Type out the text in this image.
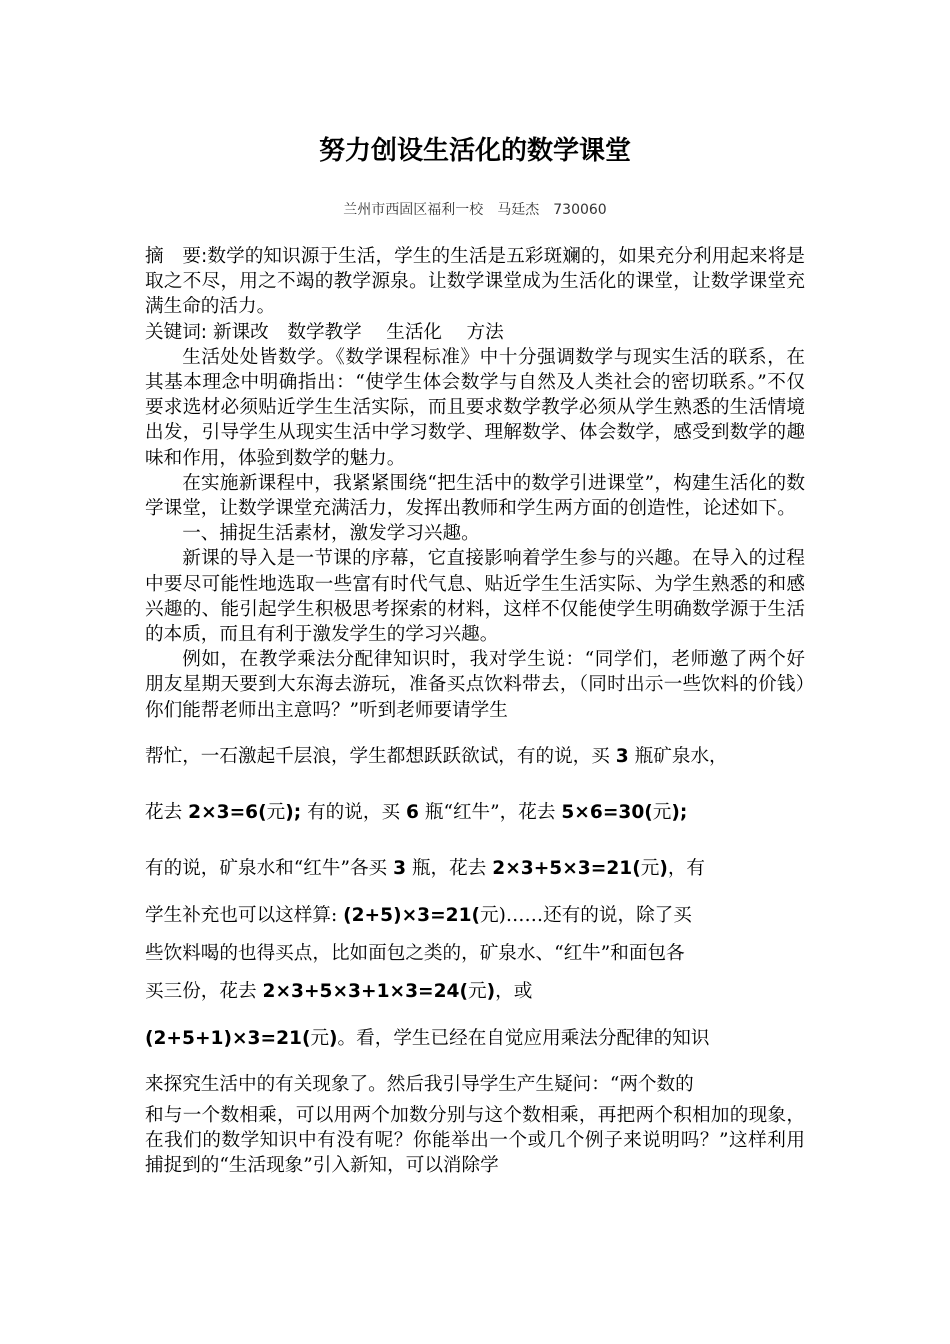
努力创设生活化的数学课堂
兰州市西固区福利一校　马廷杰　730060

摘　要:数学的知识源于生活，学生的生活是五彩斑斓的，如果充分利用起来将是取之不尽，用之不竭的教学源泉。让数学课堂成为生活化的课堂，让数学课堂充满生命的活力。

关键词: 新课改　数学教学　 生活化　 方法

生活处处皆数学。《数学课程标准》中十分强调数学与现实生活的联系，在其基本理念中明确指出：“使学生体会数学与自然及人类社会的密切联系。”不仅要求选材必须贴近学生生活实际，而且要求数学教学必须从学生熟悉的生活情境出发，引导学生从现实生活中学习数学、理解数学、体会数学，感受到数学的趣味和作用，体验到数学的魅力。

在实施新课程中，我紧紧围绕“把生活中的数学引进课堂”，构建生活化的数学课堂，让数学课堂充满活力，发挥出教师和学生两方面的创造性，论述如下。

一、捕捉生活素材，激发学习兴趣。

新课的导入是一节课的序幕，它直接影响着学生参与的兴趣。在导入的过程中要尽可能性地选取一些富有时代气息、贴近学生生活实际、为学生熟悉的和感兴趣的、能引起学生积极思考探索的材料，这样不仅能使学生明确数学源于生活的本质，而且有利于激发学生的学习兴趣。

例如，在教学乘法分配律知识时，我对学生说：“同学们，老师邀了两个好朋友星期天要到大东海去游玩，准备买点饮料带去，（同时出示一些饮料的价钱）你们能帮老师出主意吗？”听到老师要请学生

帮忙，一石激起千层浪，学生都想跃跃欲试，有的说，买 3 瓶矿泉水，
花去 2×3=6(元); 有的说，买 6 瓶“红牛”，花去 5×6=30(元);
有的说，矿泉水和“红牛”各买 3 瓶，花去 2×3+5×3=21(元)，有
学生补充也可以这样算: (2+5)×3=21(元)……还有的说，除了买
些饮料喝的也得买点，比如面包之类的，矿泉水、“红牛”和面包各
买三份，花去 2×3+5×3+1×3=24(元)，或
(2+5+1)×3=21(元)。看，学生已经在自觉应用乘法分配律的知识
来探究生活中的有关现象了。然后我引导学生产生疑问：“两个数的

和与一个数相乘，可以用两个加数分别与这个数相乘，再把两个积相加的现象，在我们的数学知识中有没有呢？你能举出一个或几个例子来说明吗？”这样利用捕捉到的“生活现象”引入新知，可以消除学
